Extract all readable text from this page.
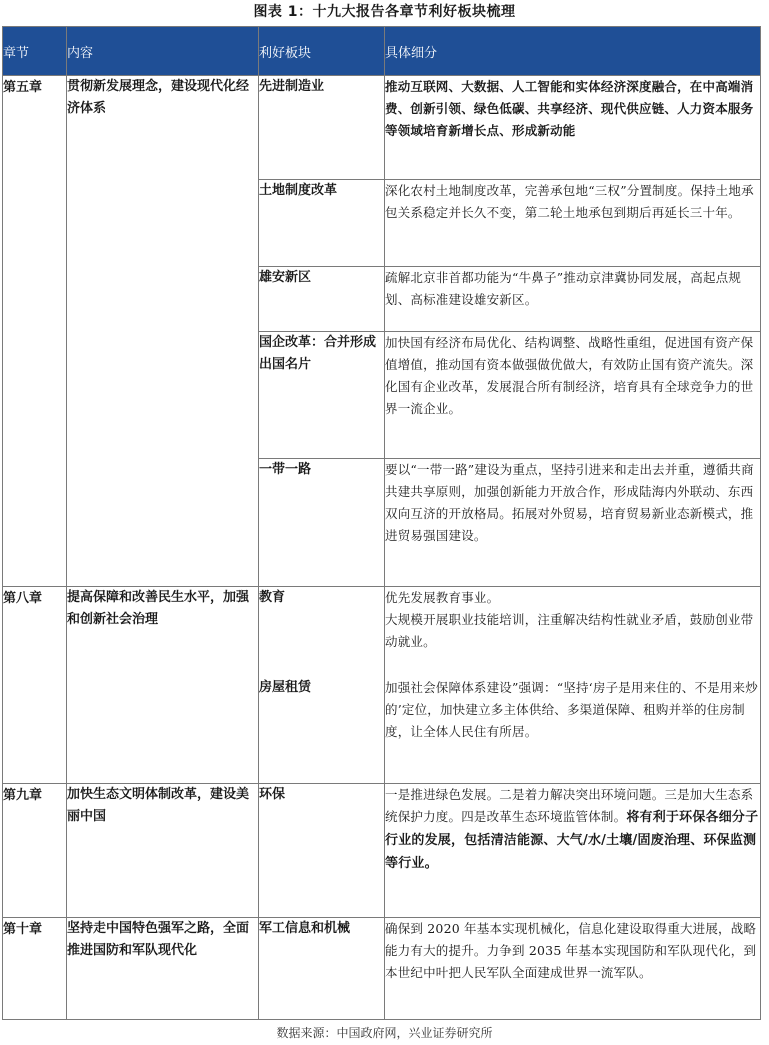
图表 1：十九大报告各章节利好板块梳理
章节	内容	利好板块	具体细分
第五章	贯彻新发展理念，建设现代化经济体系	先进制造业	推动互联网、大数据、人工智能和实体经济深度融合，在中高端消费、创新引领、绿色低碳、共享经济、现代供应链、人力资本服务等领域培育新增长点、形成新动能
		土地制度改革	深化农村土地制度改革，完善承包地“三权”分置制度。保持土地承包关系稳定并长久不变，第二轮土地承包到期后再延长三十年。
		雄安新区	疏解北京非首都功能为“牛鼻子”推动京津冀协同发展，高起点规划、高标准建设雄安新区。
		国企改革：合并形成出国名片	加快国有经济布局优化、结构调整、战略性重组，促进国有资产保值增值，推动国有资本做强做优做大，有效防止国有资产流失。深化国有企业改革，发展混合所有制经济，培育具有全球竞争力的世界一流企业。
		一带一路	要以“一带一路”建设为重点，坚持引进来和走出去并重，遵循共商共建共享原则，加强创新能力开放合作，形成陆海内外联动、东西双向互济的开放格局。拓展对外贸易，培育贸易新业态新模式，推进贸易强国建设。
第八章	提高保障和改善民生水平，加强和创新社会治理	教育	优先发展教育事业。
大规模开展职业技能培训，注重解决结构性就业矛盾，鼓励创业带动就业。
		房屋租赁	加强社会保障体系建设”强调：“坚持‘房子是用来住的、不是用来炒的’定位，加快建立多主体供给、多渠道保障、租购并举的住房制度，让全体人民住有所居。
第九章	加快生态文明体制改革，建设美丽中国	环保	一是推进绿色发展。二是着力解决突出环境问题。三是加大生态系统保护力度。四是改革生态环境监管体制。将有利于环保各细分子行业的发展，包括清洁能源、大气/水/土壤/固废治理、环保监测等行业。
第十章	坚持走中国特色强军之路，全面推进国防和军队现代化	军工信息和机械	确保到 2020 年基本实现机械化，信息化建设取得重大进展，战略能力有大的提升。力争到 2035 年基本实现国防和军队现代化，到本世纪中叶把人民军队全面建成世界一流军队。
数据来源：中国政府网，兴业证券研究所
